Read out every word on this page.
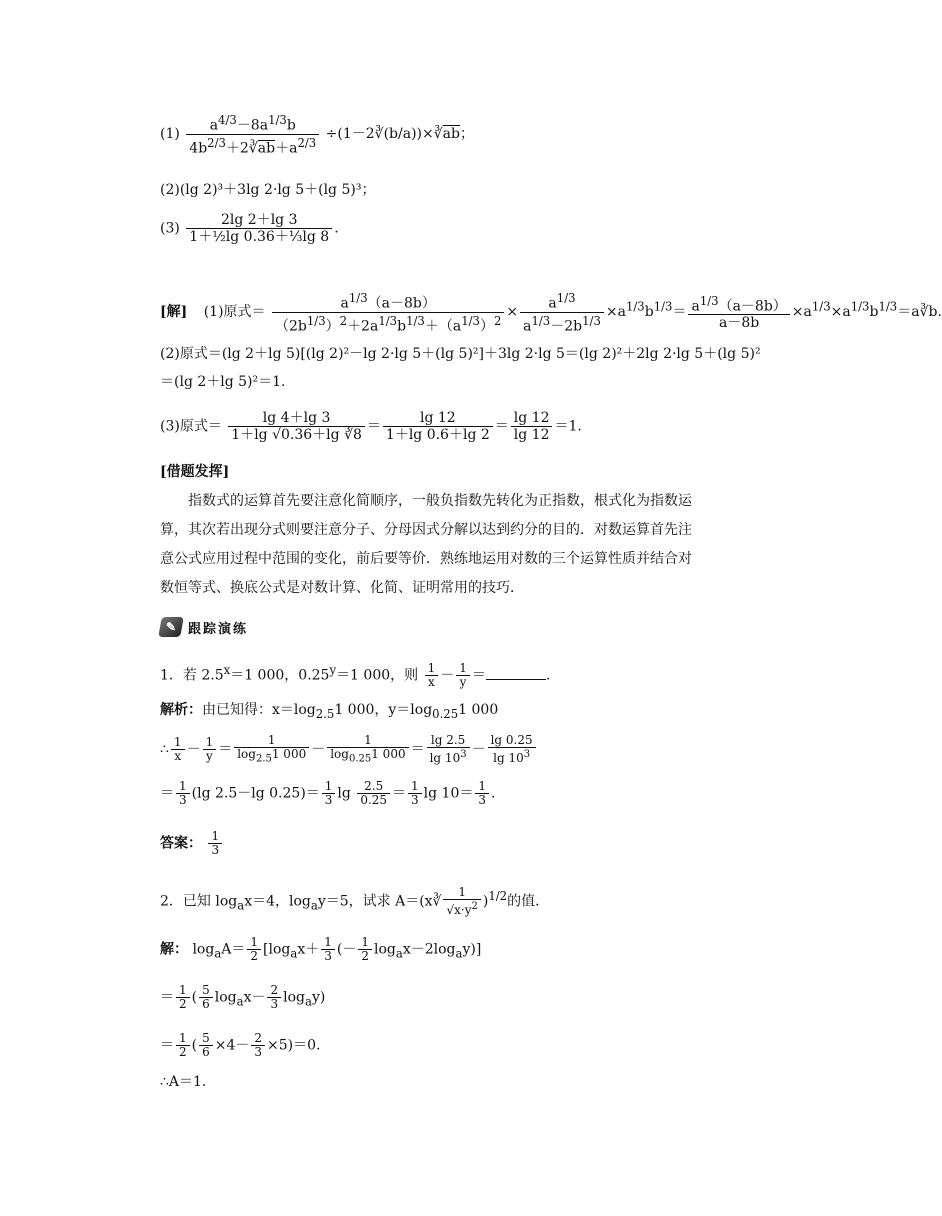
$(1) \frac{a^{4/3}-8a^{1/3}b}{4b^{2/3}+2∛\overline{ab}+a^{2/3}}$ $\div(1-2∛(b/a))\times∛\overline{ab}$；
(2)(lg 2)³＋3lg 2·lg 5＋(lg 5)³；
$(3) \frac{2\lg 2+\lg 3}{\text{1＋½lg 0.36＋⅓lg 8}}$ .
[解] (1)原式＝ $\frac{a^{1/3}(a-8b)}{(2b^{1/3})^2+2a^{1/3}b^{1/3}+(a^{1/3})^2} \times \frac{a^{1/3}}{a^{1/3}-2b^{1/3}} \times a^{1/3}b^{1/3}= \frac{a^{1/3}(a-8b)}{a-8b}$ $\times a^{1/3}\times a^{1/3}b^{1/3}=a∛b$.
(2)原式＝(lg 2＋lg 5)[(lg 2)²－lg 2·lg 5＋(lg 5)²]＋3lg 2·lg 5＝(lg 2)²＋2lg 2·lg 5＋(lg 5)²
＝(lg 2＋lg 5)²＝1.
(3)原式＝ $\frac{\lg 4+\lg 3}{1+\lg √0.36+\lg ∛8} = \frac{\lg 12}{1+\lg 0.6+\lg 2} = \frac{\lg 12}{\lg 12} =1$.
[借题发挥]
指数式的运算首先要注意化简顺序，一般负指数先转化为正指数，根式化为指数运算，其次若出现分式则要注意分子、分母因式分解以达到约分的目的．对数运算首先注意公式应用过程中范围的变化，前后要等价．熟练地运用对数的三个运算性质并结合对数恒等式、换底公式是对数计算、化简、证明常用的技巧．
✎ 跟踪演练
1．若 $2.5^x=1$ 000，$0.25^y=1$ 000，则 $\frac{1}{x} - \frac{1}{y}$ ＝	.
解析：由已知得：$x=\log_{2.5}1$ 000，$y=\log_{0.25}1$ 000
∴ $\frac{1}{x} - \frac{1}{y} = \frac{1}{\log_{2.5}1 000} - \frac{1}{\log_{0.25}1 000} = \frac{\lg 2.5}{\lg 10^3} - \frac{\lg 0.25}{\lg 10^3}$
＝ $\frac{1}{3} (\lg$ 2.5－lg $0.25)= \frac{1}{3}$ $\lg \frac{2.5}{0.25} = \frac{1}{3}$ $\lg 10= \frac{1}{3}$ .
答案： $\frac{1}{3}$
2．已知 $\log_ax=4$，$\log_ay=5$，试求 A＝(x∛ $\frac{1}{√x\cdot y^2} )^{1/2}$的值．
解： $\log_aA= \frac{1}{2} [\log_ax+ \frac{1}{3}$ (－ $\frac{1}{2} \log_ax-2\log_ay$)]
＝ $\frac{1}{2}$ ( $\frac{5}{6} \log_ax- \frac{2}{3} \log_ay$)
＝ $\frac{1}{2}$ ( $\frac{5}{6} \times 4- \frac{2}{3} \times 5)=0$.
∴A＝1.
